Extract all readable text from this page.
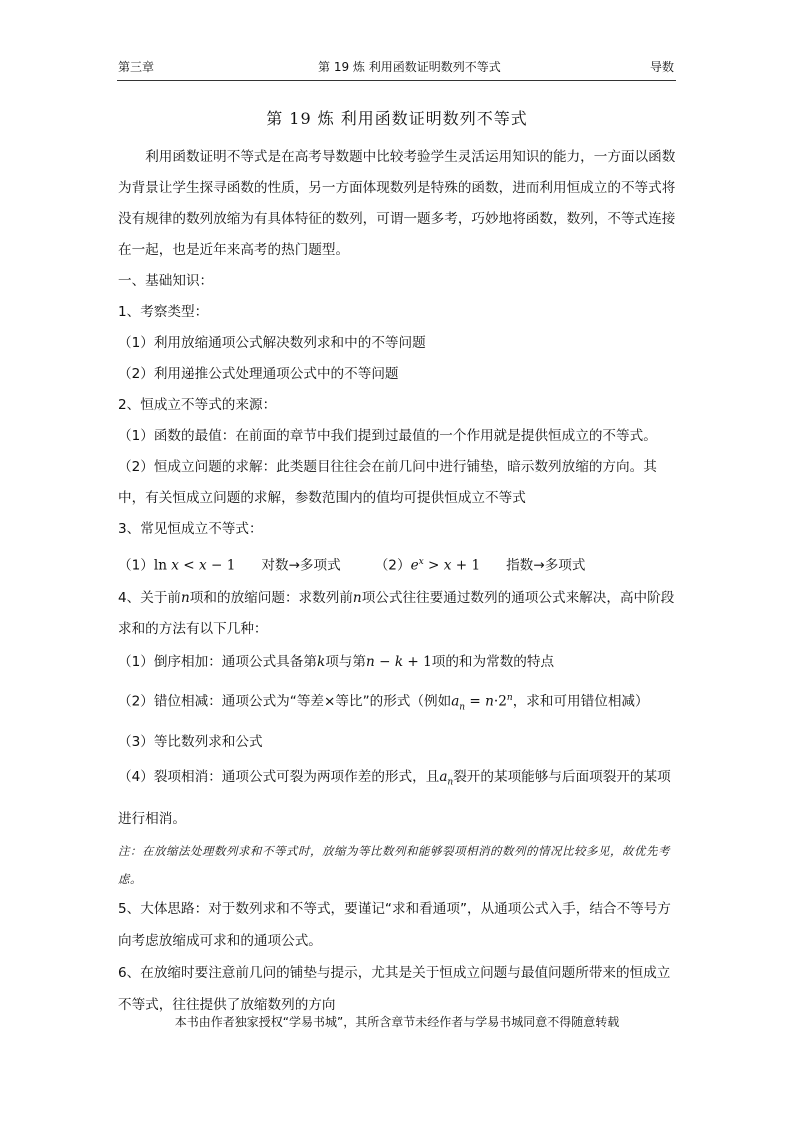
第三章	第 19 炼 利用函数证明数列不等式	导数
第 19 炼 利用函数证明数列不等式

利用函数证明不等式是在高考导数题中比较考验学生灵活运用知识的能力，一方面以函数为背景让学生探寻函数的性质，另一方面体现数列是特殊的函数，进而利用恒成立的不等式将没有规律的数列放缩为有具体特征的数列，可谓一题多考，巧妙地将函数，数列，不等式连接在一起，也是近年来高考的热门题型。

一、基础知识：

1、考察类型：

（1）利用放缩通项公式解决数列求和中的不等问题

（2）利用递推公式处理通项公式中的不等问题

2、恒成立不等式的来源：

（1）函数的最值：在前面的章节中我们提到过最值的一个作用就是提供恒成立的不等式。

（2）恒成立问题的求解：此类题目往往会在前几问中进行铺垫，暗示数列放缩的方向。其中，有关恒成立问题的求解，参数范围内的值均可提供恒成立不等式

3、常见恒成立不等式：

（1）ln x < x − 1 对数→多项式	$(2)e^x > x + 1$ 指数→多项式

4、关于前n项和的放缩问题：求数列前n项公式往往要通过数列的通项公式来解决，高中阶段求和的方法有以下几种：

（1）倒序相加：通项公式具备第k项与第n − k + 1项的和为常数的特点

（2）错位相减：通项公式为“等差×等比”的形式（例如$a_n = n\cdot 2^n$，求和可用错位相减）

（3）等比数列求和公式

（4）裂项相消：通项公式可裂为两项作差的形式，且$a_n$裂开的某项能够与后面项裂开的某项进行相消。

注：在放缩法处理数列求和不等式时，放缩为等比数列和能够裂项相消的数列的情况比较多见，故优先考虑。

5、大体思路：对于数列求和不等式，要谨记“求和看通项”，从通项公式入手，结合不等号方向考虑放缩成可求和的通项公式。

6、在放缩时要注意前几问的铺垫与提示，尤其是关于恒成立问题与最值问题所带来的恒成立不等式，往往提供了放缩数列的方向

本书由作者独家授权“学易书城”，其所含章节未经作者与学易书城同意不得随意转载
